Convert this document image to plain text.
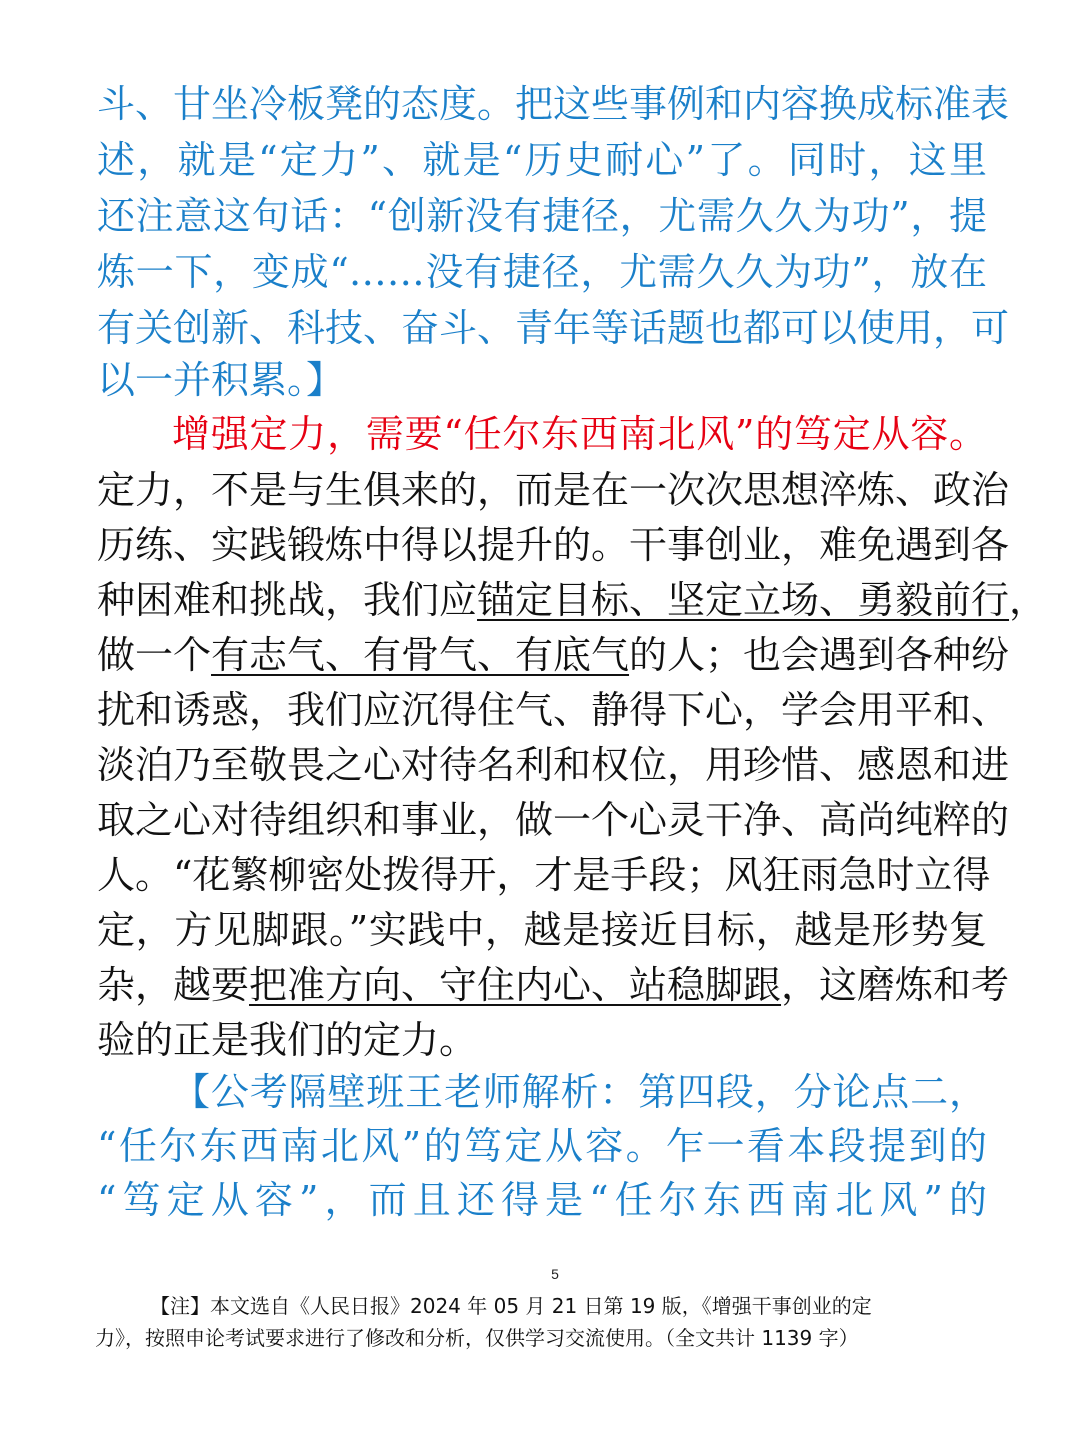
斗、甘坐冷板凳的态度。把这些事例和内容换成标准表
述，就是“定力”、就是“历史耐心”了。同时，这里
还注意这句话：“创新没有捷径，尤需久久为功”，提
炼一下，变成“……没有捷径，尤需久久为功”，放在
有关创新、科技、奋斗、青年等话题也都可以使用，可
以一并积累。】
增强定力，需要“任尔东西南北风”的笃定从容。
定力，不是与生俱来的，而是在一次次思想淬炼、政治
历练、实践锻炼中得以提升的。干事创业，难免遇到各
种困难和挑战，我们应锚定目标、坚定立场、勇毅前行，
做一个有志气、有骨气、有底气的人；也会遇到各种纷
扰和诱惑，我们应沉得住气、静得下心，学会用平和、
淡泊乃至敬畏之心对待名利和权位，用珍惜、感恩和进
取之心对待组织和事业，做一个心灵干净、高尚纯粹的
人。“花繁柳密处拨得开，才是手段；风狂雨急时立得
定，方见脚跟。”实践中，越是接近目标，越是形势复
杂，越要把准方向、守住内心、站稳脚跟，这磨炼和考
验的正是我们的定力。
【公考隔壁班王老师解析：第四段，分论点二，
“任尔东西南北风”的笃定从容。乍一看本段提到的
“笃定从容”，而且还得是“任尔东西南北风”的
5
【注】本文选自《人民日报》2024 年 05 月 21 日第 19 版，《增强干事创业的定
力》，按照申论考试要求进行了修改和分析，仅供学习交流使用。（全文共计 1139 字）
